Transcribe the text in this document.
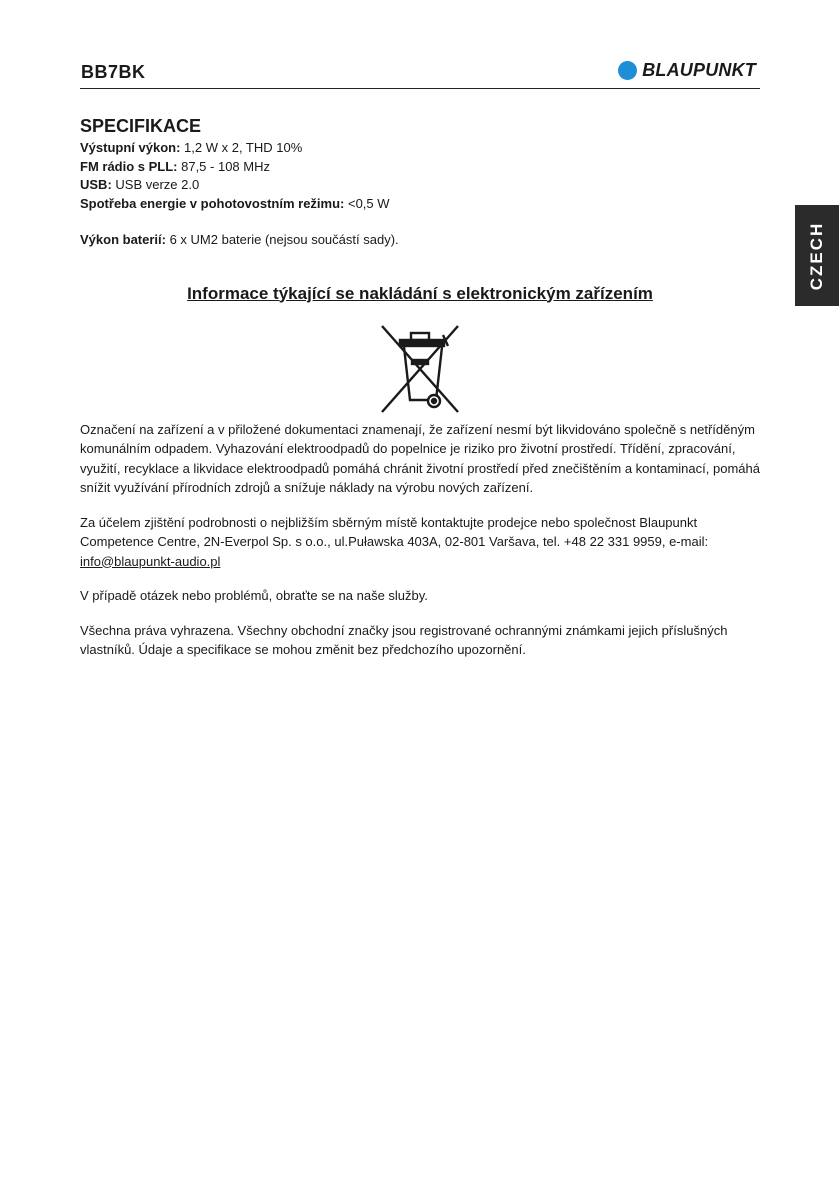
BB7BK	BLAUPUNKT
CZECH
SPECIFIKACE

Výstupní výkon: 1,2 W x 2, THD 10%

FM rádio s PLL: 87,5 - 108 MHz

USB: USB verze 2.0

Spotřeba energie v pohotovostním režimu: <0,5 W

Výkon baterií: 6 x UM2 baterie (nejsou součástí sady).

Informace týkající se nakládání s elektronickým zařízením

Označení na zařízení a v přiložené dokumentaci znamenají, že zařízení nesmí být likvidováno společně s netříděným komunálním odpadem. Vyhazování elektroodpadů do popelnice je riziko pro životní prostředí. Třídění, zpracování, využití, recyklace a likvidace elektroodpadů pomáhá chránit životní prostředí před znečištěním a kontaminací, pomáhá snížit využívání přírodních zdrojů a snížuje náklady na výrobu nových zařízení.

Za účelem zjištění podrobnosti o nejbližším sběrným místě kontaktujte prodejce nebo společnost Blaupunkt Competence Centre, 2N-Everpol Sp. s o.o., ul.Puławska 403A, 02-801 Varšava, tel. +48 22 331 9959, e-mail:
info@blaupunkt-audio.pl

V případě otázek nebo problémů, obraťte se na naše služby.

Všechna práva vyhrazena. Všechny obchodní značky jsou registrované ochrannými známkami jejich příslušných vlastníků. Údaje a specifikace se mohou změnit bez předchozího upozornění.
